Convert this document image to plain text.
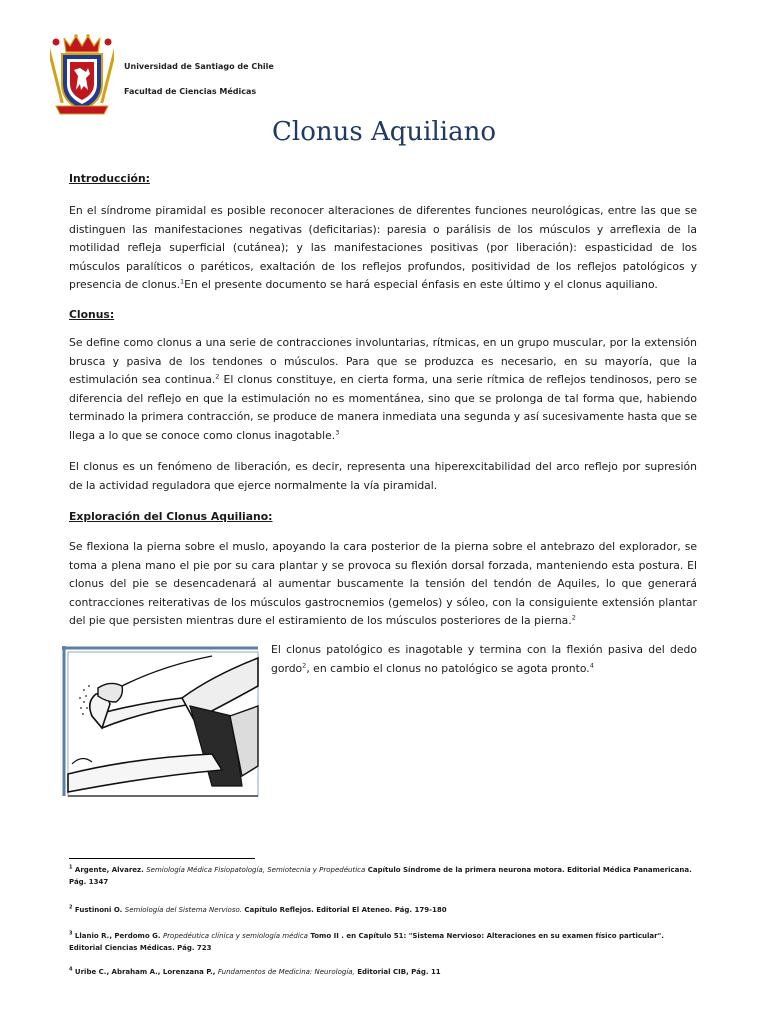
Universidad de Santiago de Chile
Facultad de Ciencias Médicas
Clonus Aquiliano
Introducción:
En el síndrome piramidal es posible reconocer alteraciones de diferentes funciones neurológicas, entre las que se distinguen las manifestaciones negativas (deficitarias): paresia o parálisis de los músculos y arreflexia de la motilidad refleja superficial (cutánea); y las manifestaciones positivas (por liberación): espasticidad de los músculos paralíticos o paréticos, exaltación de los reflejos profundos, positividad de los reflejos patológicos y presencia de clonus.$^1$En el presente documento se hará especial énfasis en este último y el clonus aquiliano.
Clonus:
Se define como clonus a una serie de contracciones involuntarias, rítmicas, en un grupo muscular, por la extensión brusca y pasiva de los tendones o músculos. Para que se produzca es necesario, en su mayoría, que la estimulación sea continua.$^2$ El clonus constituye, en cierta forma, una serie rítmica de reflejos tendinosos, pero se diferencia del reflejo en que la estimulación no es momentánea, sino que se prolonga de tal forma que, habiendo terminado la primera contracción, se produce de manera inmediata una segunda y así sucesivamente hasta que se llega a lo que se conoce como clonus inagotable.$^3$
El clonus es un fenómeno de liberación, es decir, representa una hiperexcitabilidad del arco reflejo por supresión de la actividad reguladora que ejerce normalmente la vía piramidal.
Exploración del Clonus Aquiliano:
Se flexiona la pierna sobre el muslo, apoyando la cara posterior de la pierna sobre el antebrazo del explorador, se toma a plena mano el pie por su cara plantar y se provoca su flexión dorsal forzada, manteniendo esta postura. El clonus del pie se desencadenará al aumentar buscamente la tensión del tendón de Aquiles, lo que generará contracciones reiterativas de los músculos gastrocnemios (gemelos) y sóleo, con la consiguiente extensión plantar del pie que persisten mientras dure el estiramiento de los músculos posteriores de la pierna.$^2$
El clonus patológico es inagotable y termina con la flexión pasiva del dedo gordo$^2$, en cambio el clonus no patológico se agota pronto.$^4$
$^1$ Argente, Alvarez. Semiología Médica Fisiopatología, Semiotecnia y Propedéutica Capítulo Síndrome de la primera neurona motora. Editorial Médica Panamericana. Pág. 1347
$^2$ Fustinoni O. Semiología del Sistema Nervioso. Capítulo Reflejos. Editorial El Ateneo. Pág. 179-180
$^3$ Llanio R., Perdomo G. Propedéutica clínica y semiología médica Tomo II . en Capítulo 51: "Sistema Nervioso: Alteraciones en su examen físico particular". Editorial Ciencias Médicas. Pág. 723
$^4$ Uribe C., Abraham A., Lorenzana P., Fundamentos de Medicina: Neurología, Editorial CIB, Pág. 11
